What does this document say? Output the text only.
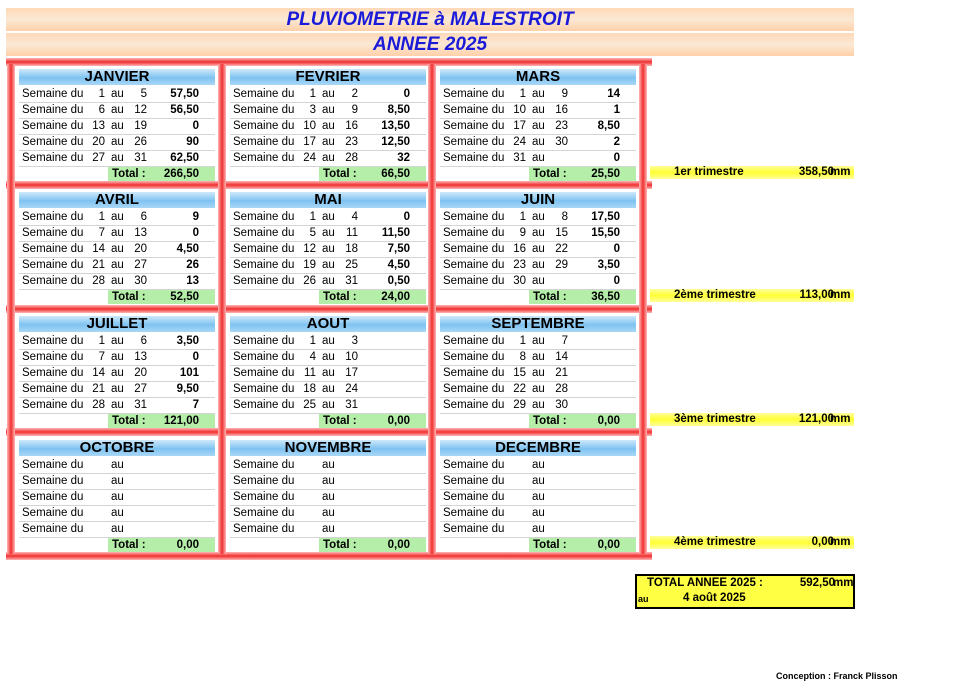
PLUVIOMETRIE à MALESTROIT
ANNEE 2025
JANVIER
Semaine du	1 au	5	57,50
Semaine du	6 au 12	56,50
Semaine du 13 au 19	0
Semaine du 20 au 26	90
Semaine du 27 au 31	62,50
Total : 266,50
FEVRIER
Semaine du	1 au	2	0
Semaine du	3 au	9	8,50
Semaine du 10 au 16	13,50
Semaine du 17 au 23	12,50
Semaine du 24 au 28	32
Total : 66,50
MARS
Semaine du	1 au	9	14
Semaine du 10 au 16	1
Semaine du 17 au 23	8,50
Semaine du 24 au 30	2
Semaine du 31 au	0
Total : 25,50
AVRIL
Semaine du	1 au	6	9
Semaine du	7 au 13	0
Semaine du 14 au 20	4,50
Semaine du 21 au 27	26
Semaine du 28 au 30	13
Total : 52,50
MAI
Semaine du	1 au	4	0
Semaine du	5 au 11	11,50
Semaine du 12 au 18	7,50
Semaine du 19 au 25	4,50
Semaine du 26 au 31	0,50
Total : 24,00
JUIN
Semaine du	1 au	8	17,50
Semaine du	9 au 15	15,50
Semaine du 16 au 22	0
Semaine du 23 au 29	3,50
Semaine du 30 au	0
Total : 36,50
JUILLET
Semaine du	1 au	6	3,50
Semaine du	7 au 13	0
Semaine du 14 au 20	101
Semaine du 21 au 27	9,50
Semaine du 28 au 31	7
Total : 121,00
AOUT
Semaine du	1 au	3
Semaine du	4 au 10
Semaine du 11 au 17
Semaine du 18 au 24
Semaine du 25 au 31
Total :	0,00
SEPTEMBRE
Semaine du	1 au	7
Semaine du	8 au 14
Semaine du 15 au 21
Semaine du 22 au 28
Semaine du 29 au 30
Total :	0,00
OCTOBRE
Semaine du au
Semaine du au
Semaine du au
Semaine du au
Semaine du au
Total :	0,00
NOVEMBRE
Semaine du au
Semaine du au
Semaine du au
Semaine du au
Semaine du au
Total :	0,00
DECEMBRE
Semaine du au
Semaine du au
Semaine du au
Semaine du au
Semaine du au
Total :	0,00
1er trimestre	358,50
mm
2ème trimestre	113,00
mm
3ème trimestre	121,00
mm
4ème trimestre	0,00
mm
TOTAL ANNEE 2025 :	592,50
mm
au	4 août 2025
Conception : Franck Plisson
